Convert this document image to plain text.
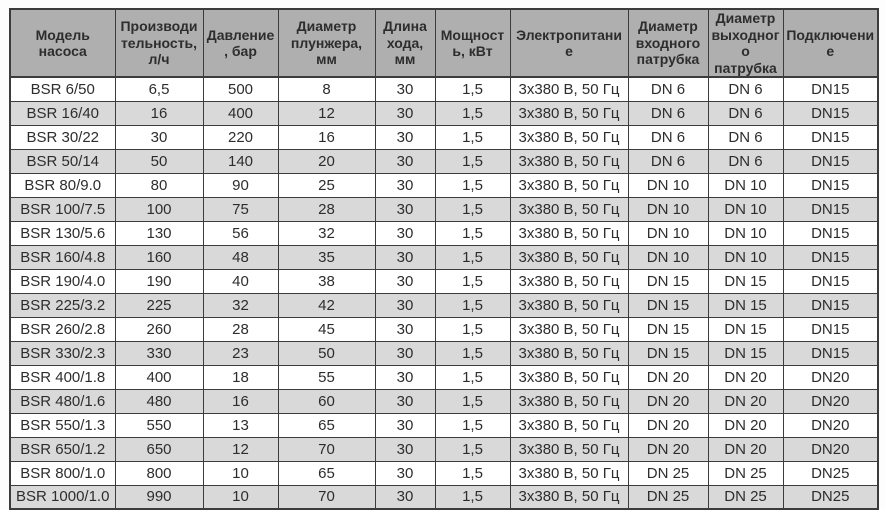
Модель насоса	Производительность, л/ч	Давление, бар	Диаметр плунжера, мм	Длина хода, мм	Мощность, кВт	Электропитание	Диаметр входного патрубка	Диаметр выходного патрубка	Подключение
BSR 6/50	6,5	500	8	30	1,5	3х380 В, 50 Гц	DN 6	DN 6	DN15
BSR 16/40	16	400	12	30	1,5	3х380 В, 50 Гц	DN 6	DN 6	DN15
BSR 30/22	30	220	16	30	1,5	3х380 В, 50 Гц	DN 6	DN 6	DN15
BSR 50/14	50	140	20	30	1,5	3х380 В, 50 Гц	DN 6	DN 6	DN15
BSR 80/9.0	80	90	25	30	1,5	3х380 В, 50 Гц	DN 10	DN 10	DN15
BSR 100/7.5	100	75	28	30	1,5	3х380 В, 50 Гц	DN 10	DN 10	DN15
BSR 130/5.6	130	56	32	30	1,5	3х380 В, 50 Гц	DN 10	DN 10	DN15
BSR 160/4.8	160	48	35	30	1,5	3х380 В, 50 Гц	DN 10	DN 10	DN15
BSR 190/4.0	190	40	38	30	1,5	3х380 В, 50 Гц	DN 15	DN 15	DN15
BSR 225/3.2	225	32	42	30	1,5	3х380 В, 50 Гц	DN 15	DN 15	DN15
BSR 260/2.8	260	28	45	30	1,5	3х380 В, 50 Гц	DN 15	DN 15	DN15
BSR 330/2.3	330	23	50	30	1,5	3х380 В, 50 Гц	DN 15	DN 15	DN15
BSR 400/1.8	400	18	55	30	1,5	3х380 В, 50 Гц	DN 20	DN 20	DN20
BSR 480/1.6	480	16	60	30	1,5	3х380 В, 50 Гц	DN 20	DN 20	DN20
BSR 550/1.3	550	13	65	30	1,5	3х380 В, 50 Гц	DN 20	DN 20	DN20
BSR 650/1.2	650	12	70	30	1,5	3х380 В, 50 Гц	DN 20	DN 20	DN20
BSR 800/1.0	800	10	65	30	1,5	3х380 В, 50 Гц	DN 25	DN 25	DN25
BSR 1000/1.0	990	10	70	30	1,5	3х380 В, 50 Гц	DN 25	DN 25	DN25
